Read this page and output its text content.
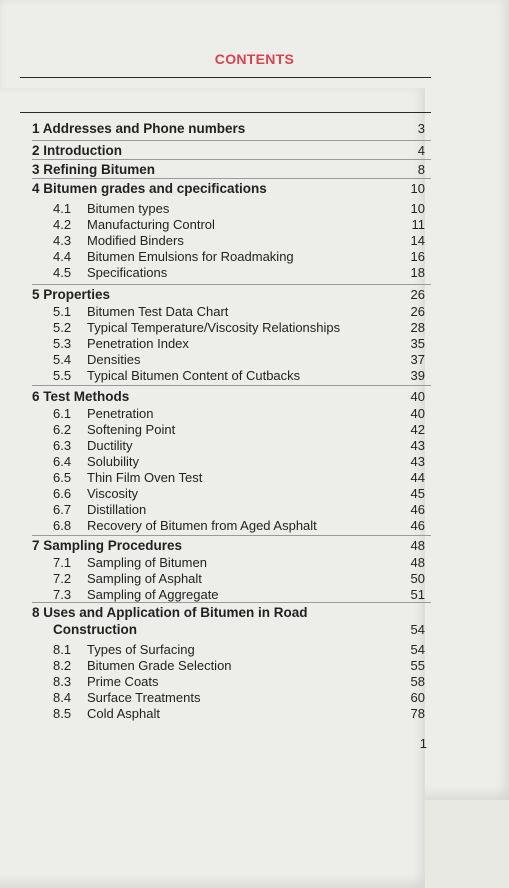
CONTENTS
1 Addresses and Phone numbers	3
2 Introduction	4
3 Refining Bitumen	8
4 Bitumen grades and cpecifications	10
4.1 Bitumen types	10
4.2 Manufacturing Control	11
4.3 Modified Binders	14
4.4 Bitumen Emulsions for Roadmaking	16
4.5 Specifications	18
5 Properties	26
5.1 Bitumen Test Data Chart	26
5.2 Typical Temperature/Viscosity Relationships	28
5.3 Penetration Index	35
5.4 Densities	37
5.5 Typical Bitumen Content of Cutbacks	39
6 Test Methods	40
6.1 Penetration	40
6.2 Softening Point	42
6.3 Ductility	43
6.4 Solubility	43
6.5 Thin Film Oven Test	44
6.6 Viscosity	45
6.7 Distillation	46
6.8 Recovery of Bitumen from Aged Asphalt	46
7 Sampling Procedures	48
7.1 Sampling of Bitumen	48
7.2 Sampling of Asphalt	50
7.3 Sampling of Aggregate	51
8 Uses and Application of Bitumen in Road
Construction	54
8.1 Types of Surfacing	54
8.2 Bitumen Grade Selection	55
8.3 Prime Coats	58
8.4 Surface Treatments	60
8.5 Cold Asphalt	78
1
